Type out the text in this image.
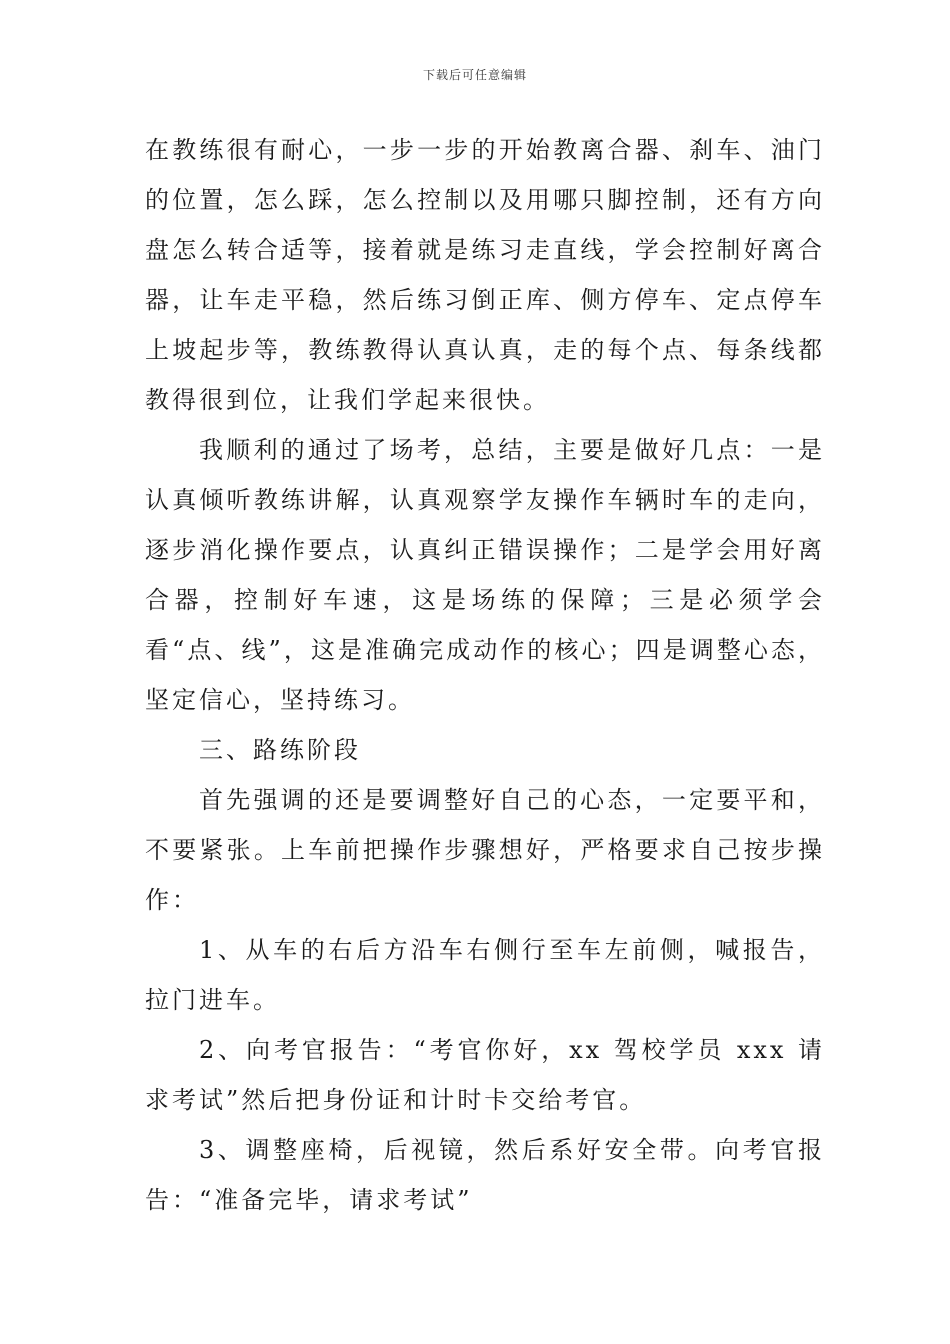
下载后可任意编辑

在教练很有耐心，一步一步的开始教离合器、刹车、油门的位置，怎么踩，怎么控制以及用哪只脚控制，还有方向盘怎么转合适等，接着就是练习走直线，学会控制好离合器，让车走平稳，然后练习倒正库、侧方停车、定点停车上坡起步等，教练教得认真认真，走的每个点、每条线都教得很到位，让我们学起来很快。

我顺利的通过了场考，总结，主要是做好几点：一是认真倾听教练讲解，认真观察学友操作车辆时车的走向，逐步消化操作要点，认真纠正错误操作；二是学会用好离合器，控制好车速，这是场练的保障；三是必须学会看“点、线”，这是准确完成动作的核心；四是调整心态，坚定信心，坚持练习。

三、路练阶段

首先强调的还是要调整好自己的心态，一定要平和，不要紧张。上车前把操作步骤想好，严格要求自己按步操作：

1、从车的右后方沿车右侧行至车左前侧，喊报告，拉门进车。

2、向考官报告：“考官你好，xx 驾校学员 xxx 请求考试”然后把身份证和计时卡交给考官。

3、调整座椅，后视镜，然后系好安全带。向考官报告：“准备完毕，请求考试”
